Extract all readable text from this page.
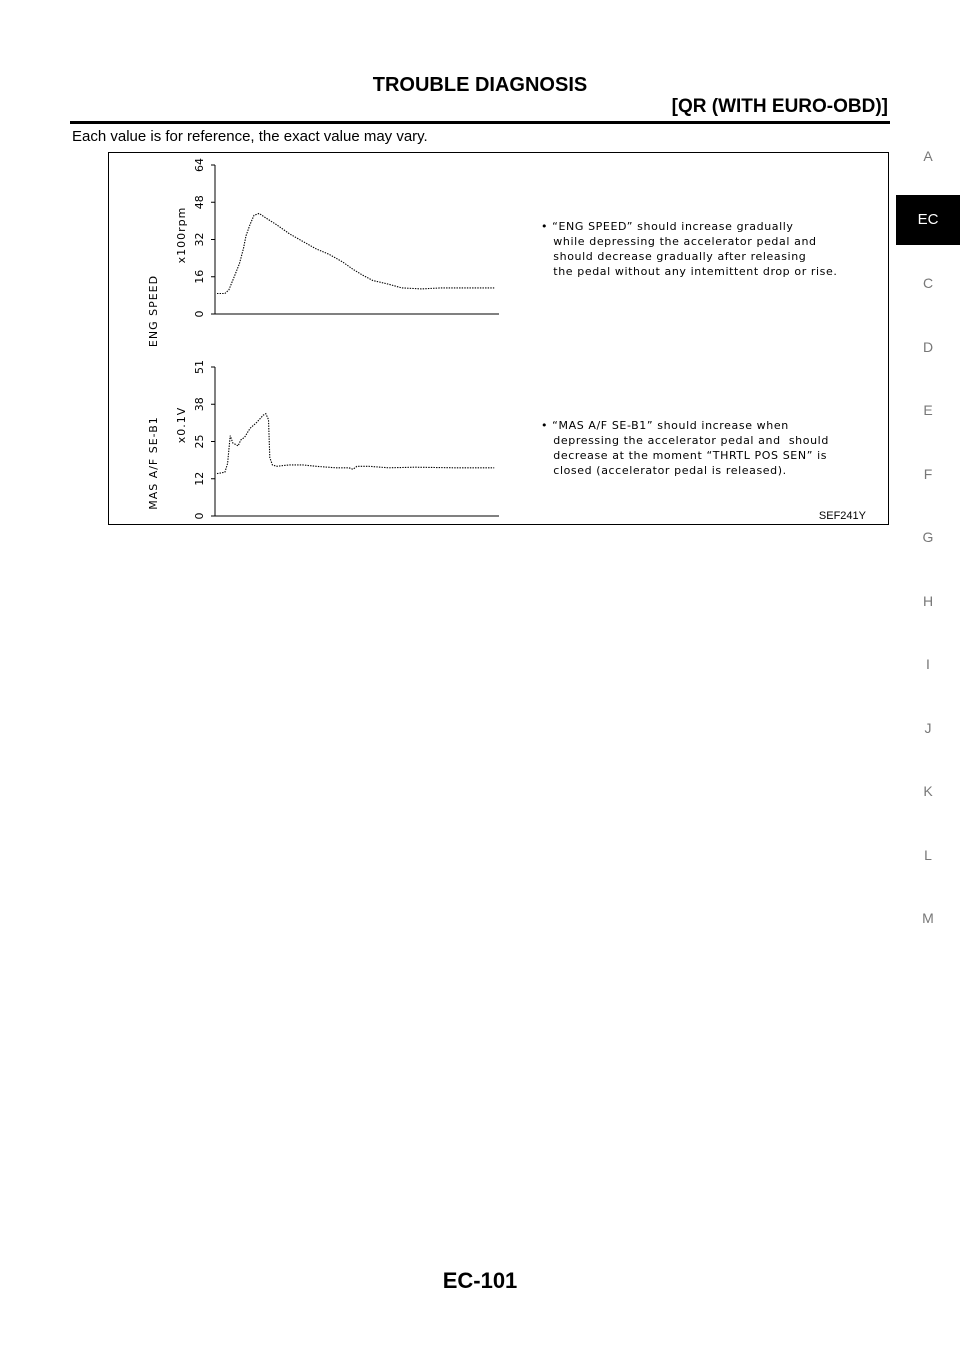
TROUBLE DIAGNOSIS
[QR (WITH EURO-OBD)]
Each value is for reference, the exact value may vary.
ENG SPEED
x100rpm
0
16
32
48
64
MAS A/F SE-B1 x0.1V
0
12
25
38
51
• “ENG SPEED” should increase gradually
while depressing the accelerator pedal and
should decrease gradually after releasing
the pedal without any intemittent drop or rise.
• “MAS A/F SE-B1” should increase when
depressing the accelerator pedal and  should
decrease at the moment “THRTL POS SEN” is
closed (accelerator pedal is released).
SEF241Y
A
EC
C
D
E
F
G
H
I
J
K
L
M
EC-101
